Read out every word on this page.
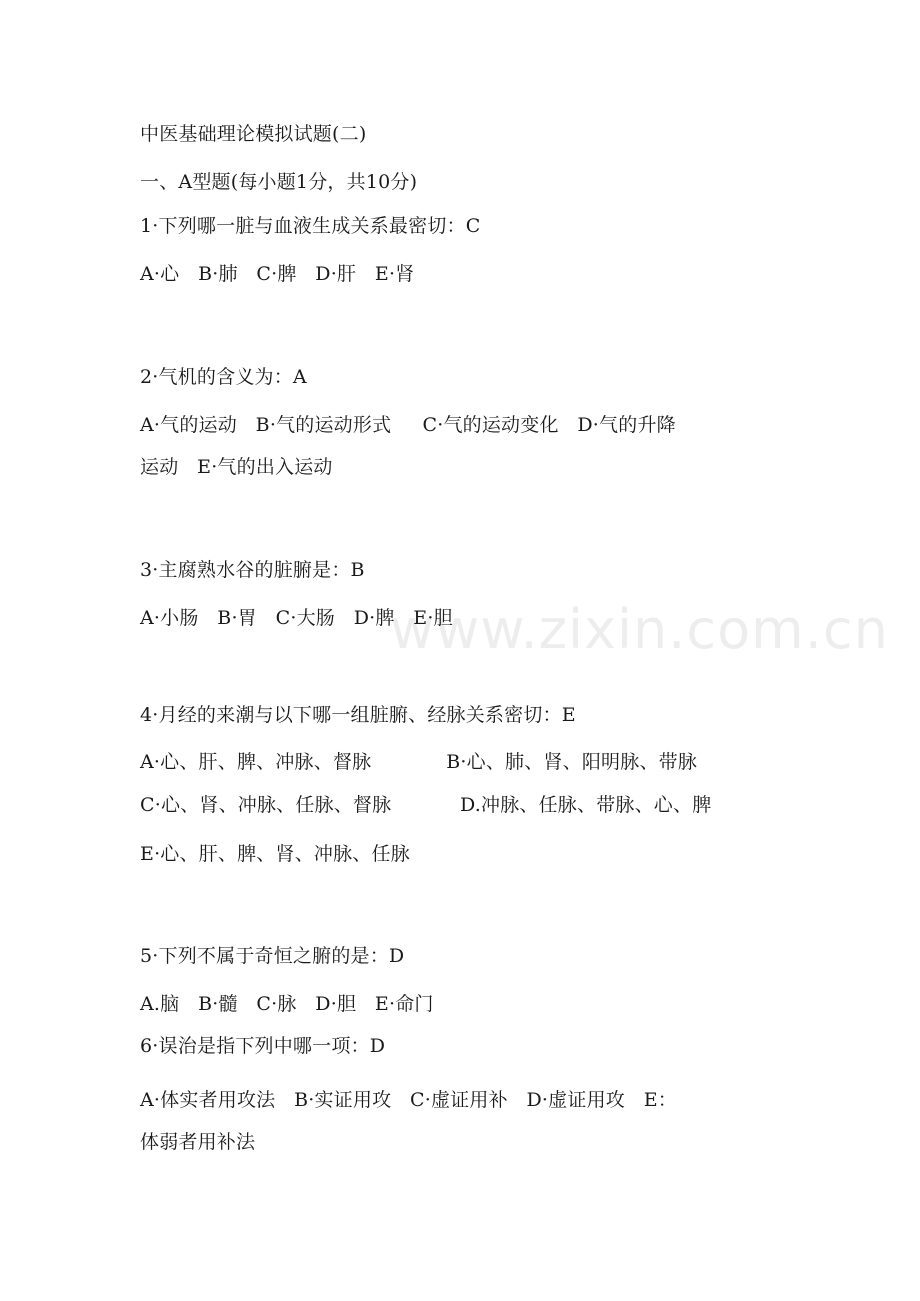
www.zixin.com.cn
中医基础理论模拟试题(二)
一、A型题(每小题1分，共10分)
1·下列哪一脏与血液生成关系最密切：C
A·心   B·肺   C·脾   D·肝   E·肾
2·气机的含义为：A
A·气的运动   B·气的运动形式     C·气的运动变化   D·气的升降
运动   E·气的出入运动
3·主腐熟水谷的脏腑是：B
A·小肠   B·胃   C·大肠   D·脾   E·胆
4·月经的来潮与以下哪一组脏腑、经脉关系密切：E
A·心、肝、脾、冲脉、督脉            B·心、肺、肾、阳明脉、带脉
C·心、肾、冲脉、任脉、督脉           D.冲脉、任脉、带脉、心、脾
E·心、肝、脾、肾、冲脉、任脉
5·下列不属于奇恒之腑的是：D
A.脑   B·髓   C·脉   D·胆   E·命门
6·误治是指下列中哪一项：D
A·体实者用攻法   B·实证用攻   C·虚证用补   D·虚证用攻   E：
体弱者用补法
